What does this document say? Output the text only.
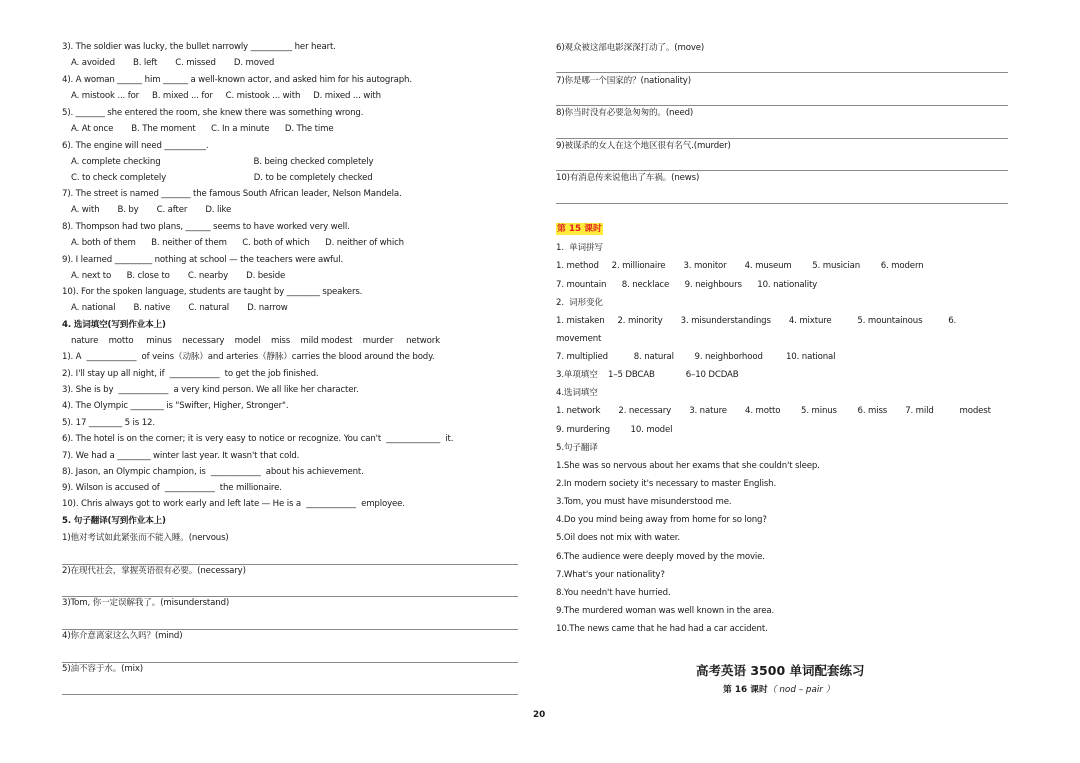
3). The soldier was lucky, the bullet narrowly __________ her heart.
A. avoided       B. left       C. missed       D. moved
4). A woman ______ him ______ a well-known actor, and asked him for his autograph.
A. mistook ... for     B. mixed ... for     C. mistook ... with     D. mixed ... with
5). _______ she entered the room, she knew there was something wrong.
A. At once       B. The moment      C. In a minute      D. The time
6). The engine will need __________.
A. complete checking                                    B. being checked completely
C. to check completely                                  D. to be completely checked
7). The street is named _______ the famous South African leader, Nelson Mandela.
A. with       B. by       C. after       D. like
8). Thompson had two plans, ______ seems to have worked very well.
A. both of them      B. neither of them      C. both of which      D. neither of which
9). I learned _________ nothing at school — the teachers were awful.
A. next to      B. close to       C. nearby       D. beside
10). For the spoken language, students are taught by ________ speakers.
A. national       B. native       C. natural       D. narrow
4. 选词填空(写到作业本上)
nature    motto     minus    necessary    model    miss    mild modest    murder     network
1). A  ____________  of veins（动脉）and arteries（静脉）carries the blood around the body.
2). I'll stay up all night, if  ____________  to get the job finished.
3). She is by  ____________  a very kind person. We all like her character.
4). The Olympic ________ is "Swifter, Higher, Stronger".
5). 17 ________ 5 is 12.
6). The hotel is on the corner; it is very easy to notice or recognize. You can't  _____________  it.
7). We had a ________ winter last year. It wasn't that cold.
8). Jason, an Olympic champion, is  ____________  about his achievement.
9). Wilson is accused of  ____________  the millionaire.
10). Chris always got to work early and left late — He is a  ____________  employee.
5. 句子翻译(写到作业本上)
1)他对考试如此紧张而不能入睡。(nervous)
2)在现代社会，掌握英语很有必要。(necessary)
3)Tom, 你一定误解我了。(misunderstand)
4)你介意离家这么久吗？(mind)
5)油不容于水。(mix)
第 15 课时
6)观众被这部电影深深打动了。(move)
7)你是哪一个国家的？(nationality)
8)你当时没有必要急匆匆的。(need)
9)被谋杀的女人在这个地区很有名气.(murder)
10)有消息传来说他出了车祸。(news)
1.  单词拼写
1. method     2. millionaire       3. monitor       4. museum        5. musician        6. modern
7. mountain      8. necklace      9. neighbours      10. nationality
2.  词形变化
1. mistaken     2. minority       3. misunderstandings       4. mixture          5. mountainous          6.
movement
7. multiplied          8. natural        9. neighborhood         10. national
3.单项填空    1–5 DBCAB            6–10 DCDAB
4.选词填空
1. network       2. necessary       3. nature       4. motto        5. minus        6. miss       7. mild          modest
9. murdering        10. model
5.句子翻译
1.She was so nervous about her exams that she couldn't sleep.
2.In modern society it's necessary to master English.
3.Tom, you must have misunderstood me.
4.Do you mind being away from home for so long?
5.Oil does not mix with water.
6.The audience were deeply moved by the movie.
7.What's your nationality?
8.You needn't have hurried.
9.The murdered woman was well known in the area.
10.The news came that he had had a car accident.
高考英语 3500 单词配套练习
第 16 课时（ nod – pair ）
20
